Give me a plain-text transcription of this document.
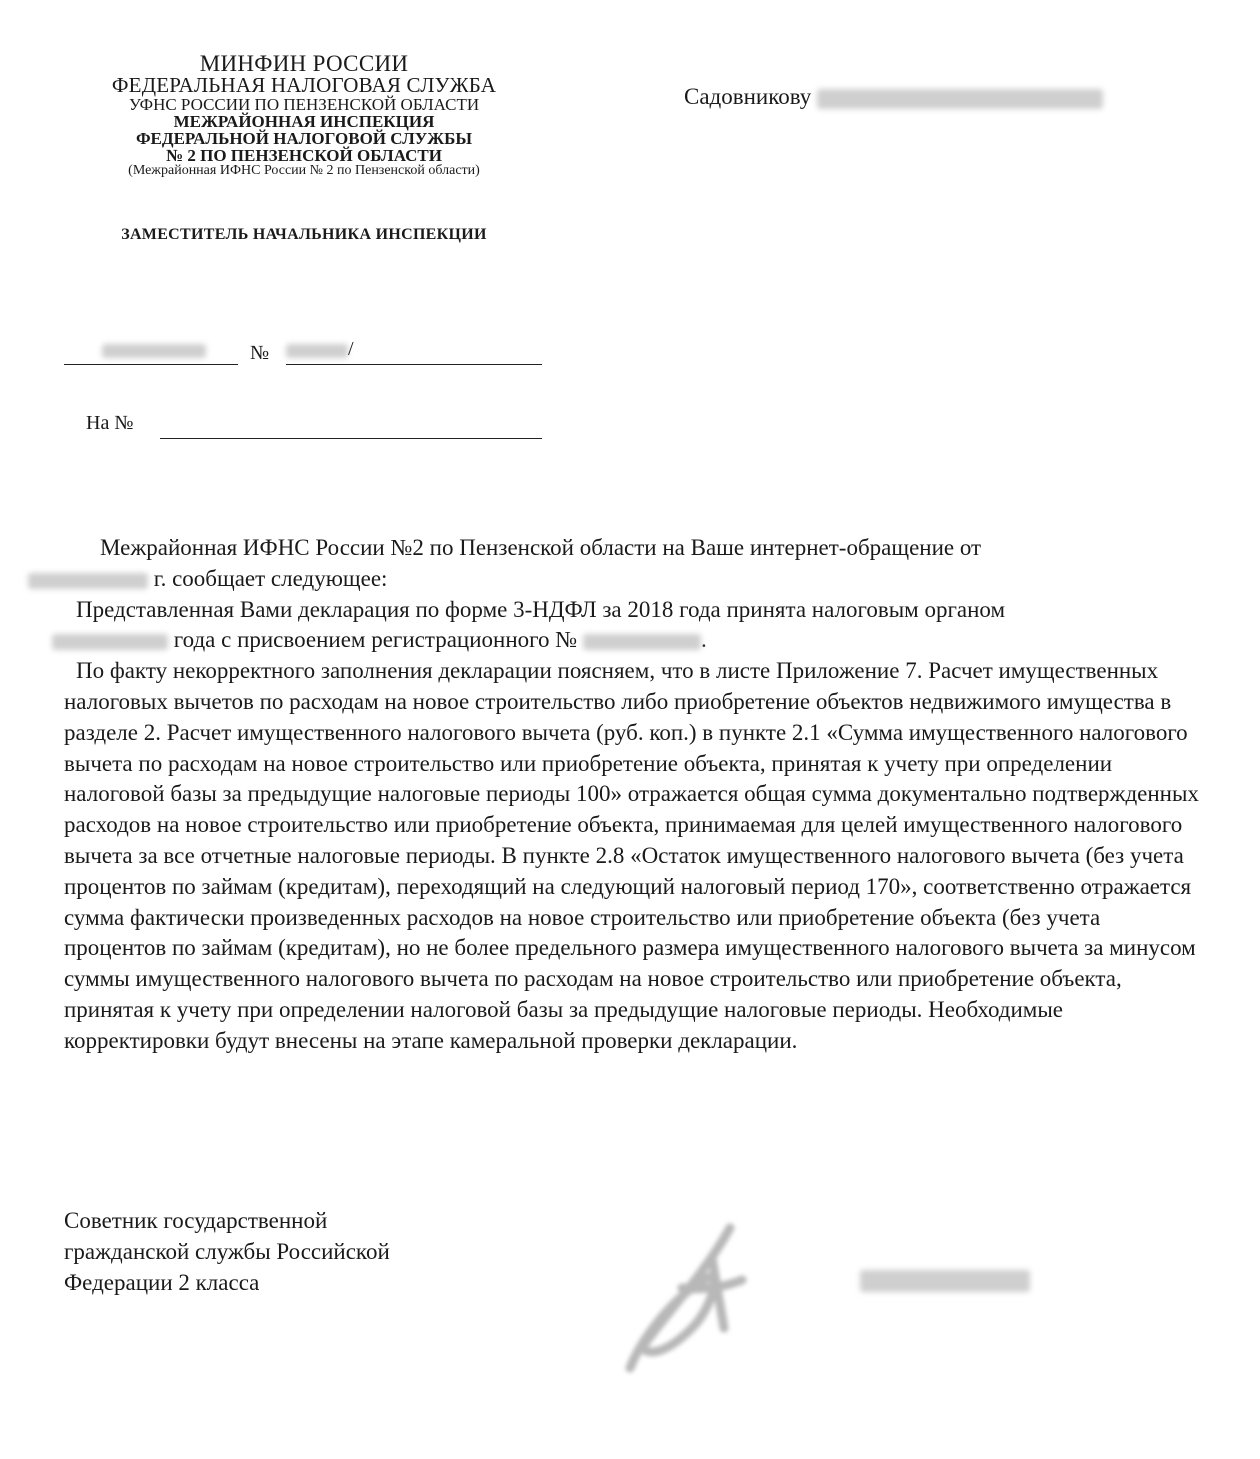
МИНФИН РОССИИ
ФЕДЕРАЛЬНАЯ НАЛОГОВАЯ СЛУЖБА
УФНС РОССИИ ПО ПЕНЗЕНСКОЙ ОБЛАСТИ
МЕЖРАЙОННАЯ ИНСПЕКЦИЯ
ФЕДЕРАЛЬНОЙ НАЛОГОВОЙ СЛУЖБЫ
№ 2 ПО ПЕНЗЕНСКОЙ ОБЛАСТИ
(Межрайонная ИФНС России № 2 по Пензенской области)
ЗАМЕСТИТЕЛЬ НАЧАЛЬНИКА ИНСПЕКЦИИ
Садовникову
/
№
На №

Межрайонная ИФНС России №2 по Пензенской области на Ваше интернет-обращение от
г. сообщает следующее:

Представленная Вами декларация по форме 3-НДФЛ за 2018 года принята налоговым органом
года с присвоением регистрационного №	.

По факту некорректного заполнения декларации поясняем, что в листе Приложение 7. Расчет имущественных налоговых вычетов по расходам на новое строительство либо приобретение объектов недвижимого имущества в разделе 2. Расчет имущественного налогового вычета (руб. коп.) в пункте 2.1 «Сумма имущественного налогового вычета по расходам на новое строительство или приобретение объекта, принятая к учету при определении налоговой базы за предыдущие налоговые периоды 100» отражается общая сумма документально подтвержденных расходов на новое строительство или приобретение объекта, принимаемая для целей имущественного налогового вычета за все отчетные налоговые периоды. В пункте 2.8 «Остаток имущественного налогового вычета (без учета процентов по займам (кредитам), переходящий на следующий налоговый период 170», соответственно отражается сумма фактически произведенных расходов на новое строительство или приобретение объекта (без учета процентов по займам (кредитам), но не более предельного размера имущественного налогового вычета за минусом суммы имущественного налогового вычета по расходам на новое строительство или приобретение объекта, принятая к учету при определении налоговой базы за предыдущие налоговые периоды. Необходимые корректировки будут внесены на этапе камеральной проверки декларации.

Советник государственной
гражданской службы Российской
Федерации 2 класса
